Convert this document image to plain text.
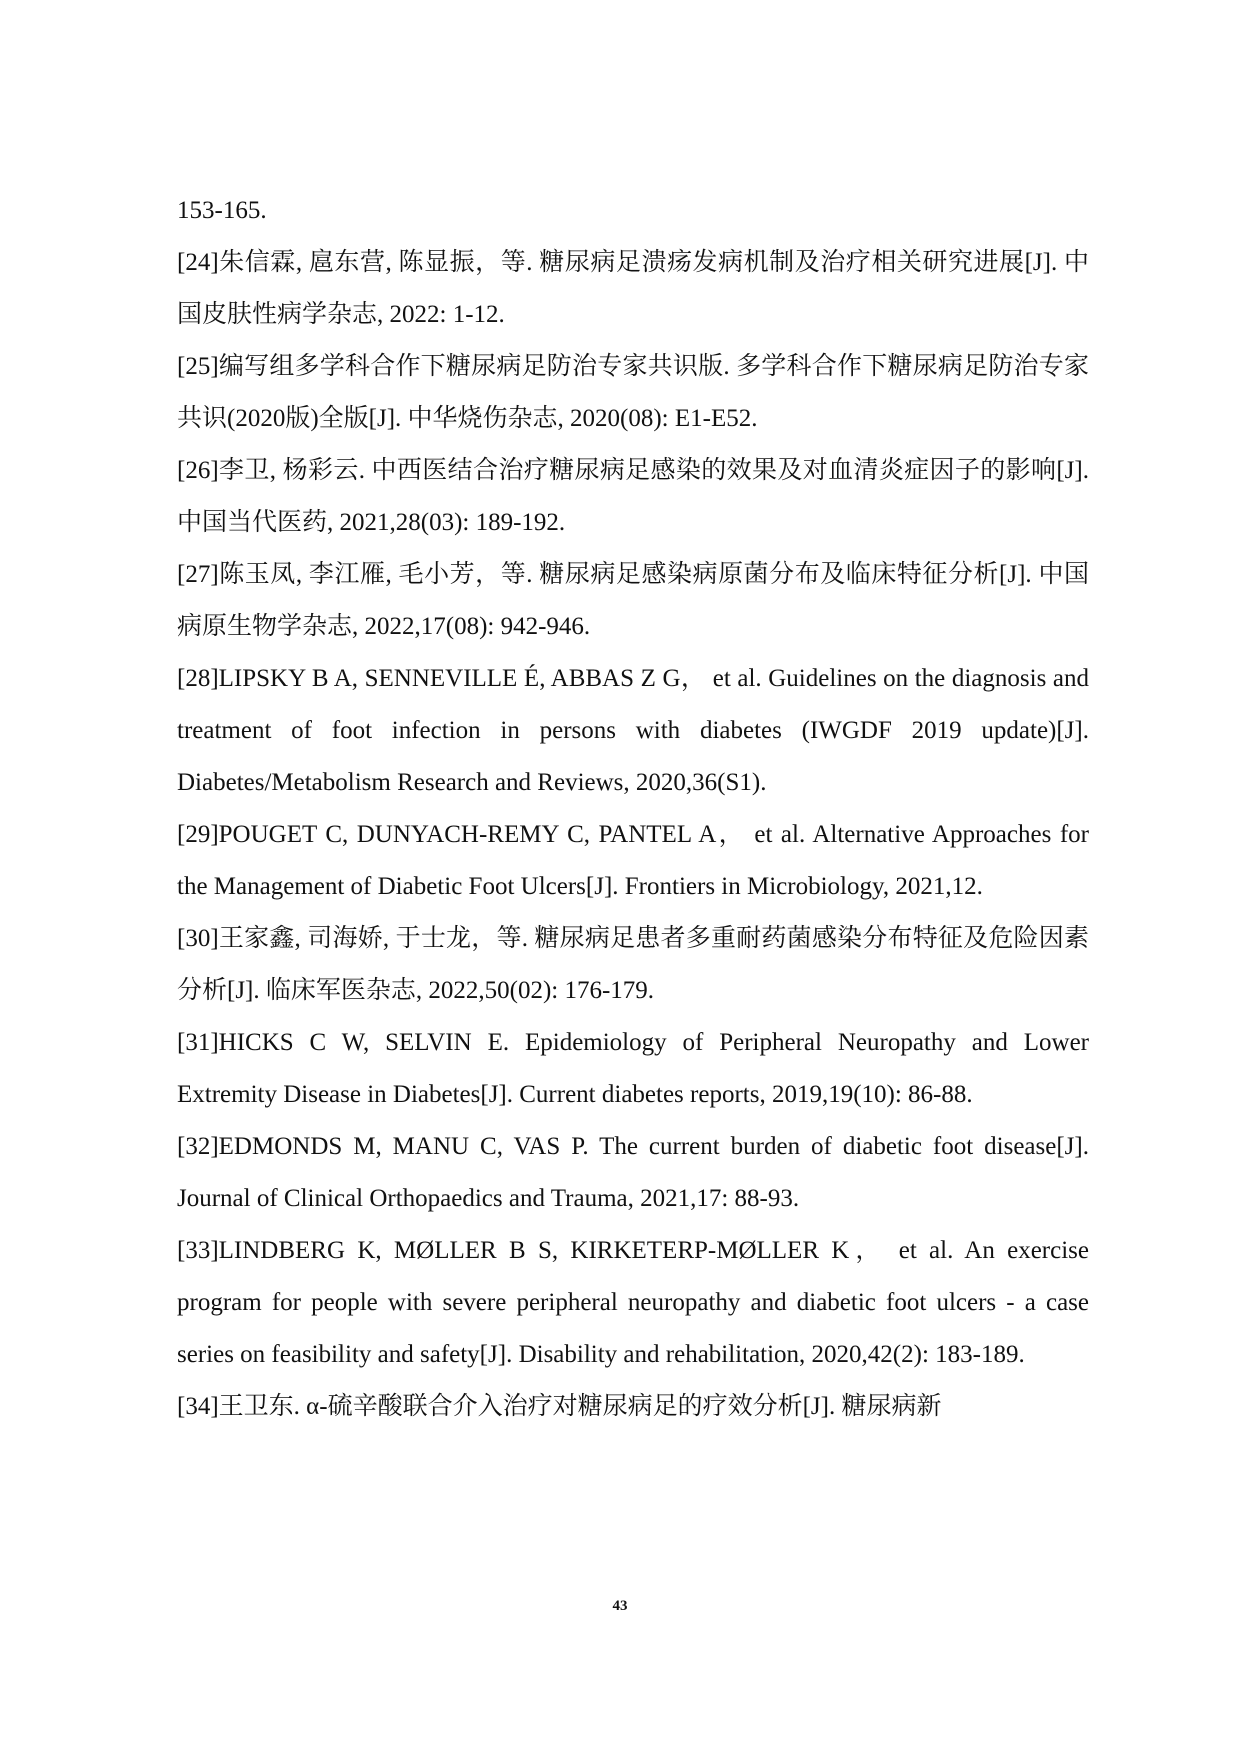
153-165.

[24]朱信霖, 扈东营, 陈显振，等. 糖尿病足溃疡发病机制及治疗相关研究进展[J]. 中国皮肤性病学杂志, 2022: 1-12.

[25]编写组多学科合作下糖尿病足防治专家共识版. 多学科合作下糖尿病足防治专家共识(2020版)全版[J]. 中华烧伤杂志, 2020(08): E1-E52.

[26]李卫, 杨彩云. 中西医结合治疗糖尿病足感染的效果及对血清炎症因子的影响[J]. 中国当代医药, 2021,28(03): 189-192.

[27]陈玉凤, 李江雁, 毛小芳，等. 糖尿病足感染病原菌分布及临床特征分析[J]. 中国病原生物学杂志, 2022,17(08): 942-946.

[28]LIPSKY B A, SENNEVILLE É, ABBAS Z G， et al. Guidelines on the diagnosis and treatment of foot infection in persons with diabetes (IWGDF 2019 update)[J]. Diabetes/Metabolism Research and Reviews, 2020,36(S1).

[29]POUGET C, DUNYACH-REMY C, PANTEL A， et al. Alternative Approaches for the Management of Diabetic Foot Ulcers[J]. Frontiers in Microbiology, 2021,12.

[30]王家鑫, 司海娇, 于士龙，等. 糖尿病足患者多重耐药菌感染分布特征及危险因素分析[J]. 临床军医杂志, 2022,50(02): 176-179.

[31]HICKS C W, SELVIN E. Epidemiology of Peripheral Neuropathy and Lower Extremity Disease in Diabetes[J]. Current diabetes reports, 2019,19(10): 86-88.

[32]EDMONDS M, MANU C, VAS P. The current burden of diabetic foot disease[J]. Journal of Clinical Orthopaedics and Trauma, 2021,17: 88-93.

[33]LINDBERG K, MØLLER B S, KIRKETERP-MØLLER K， et al. An exercise program for people with severe peripheral neuropathy and diabetic foot ulcers - a case series on feasibility and safety[J]. Disability and rehabilitation, 2020,42(2): 183-189.

[34]王卫东. α-硫辛酸联合介入治疗对糖尿病足的疗效分析[J]. 糖尿病新

43
